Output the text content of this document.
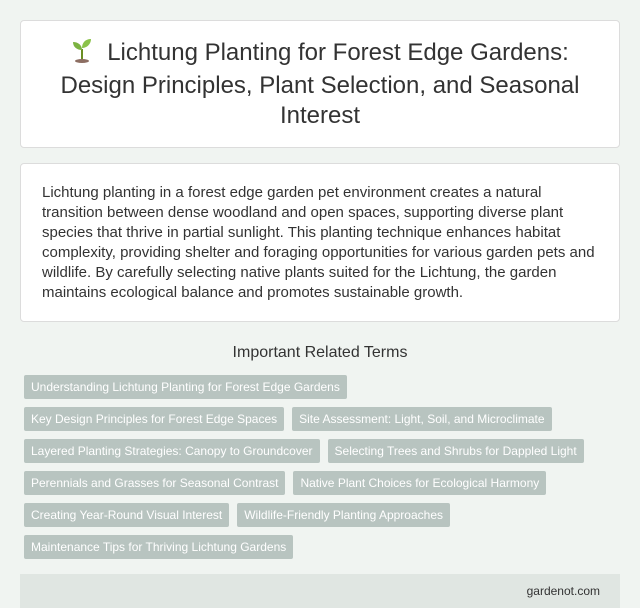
Lichtung Planting for Forest Edge Gardens: Design Principles, Plant Selection, and Seasonal Interest

Lichtung planting in a forest edge garden pet environment creates a natural transition between dense woodland and open spaces, supporting diverse plant species that thrive in partial sunlight. This planting technique enhances habitat complexity, providing shelter and foraging opportunities for various garden pets and wildlife. By carefully selecting native plants suited for the Lichtung, the garden maintains ecological balance and promotes sustainable growth.

Important Related Terms
Understanding Lichtung Planting for Forest Edge Gardens
Key Design Principles for Forest Edge Spaces	Site Assessment: Light, Soil, and Microclimate
Layered Planting Strategies: Canopy to Groundcover	Selecting Trees and Shrubs for Dappled Light
Perennials and Grasses for Seasonal Contrast	Native Plant Choices for Ecological Harmony
Creating Year-Round Visual Interest	Wildlife-Friendly Planting Approaches
Maintenance Tips for Thriving Lichtung Gardens
gardenot.com
